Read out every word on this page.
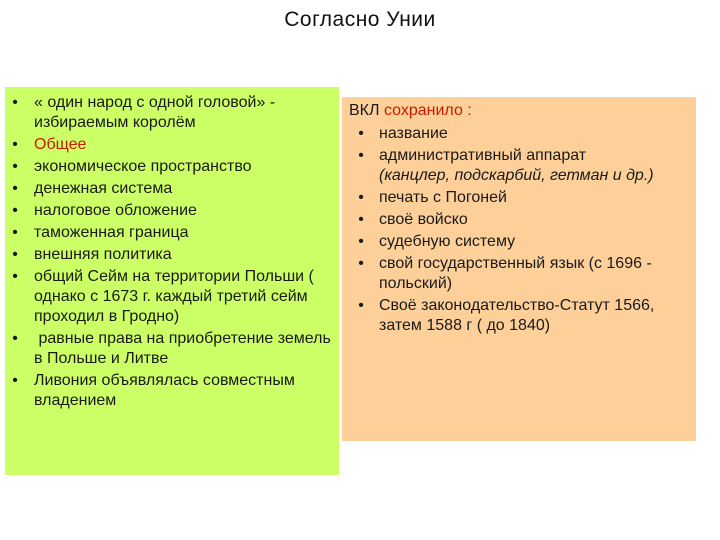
Согласно Унии
• « один народ с одной головой» - избираемым королём
• Общее
• экономическое пространство
• денежная система
• налоговое обложение
• таможенная граница
• внешняя политика
• общий Сейм на территории Польши ( однако с 1673 г. каждый третий сейм проходил в Гродно)
• равные права на приобретение земель в Польше и Литве
• Ливония объявлялась совместным владением
ВКЛ сохранило :
• название
• административный аппарат
(канцлер, подскарбий, гетман и др.)
• печать с Погоней
• своё войско
• судебную систему
• свой государственный язык (с 1696 - польский)
• Своё законодательство-Статут 1566, затем 1588 г ( до 1840)
